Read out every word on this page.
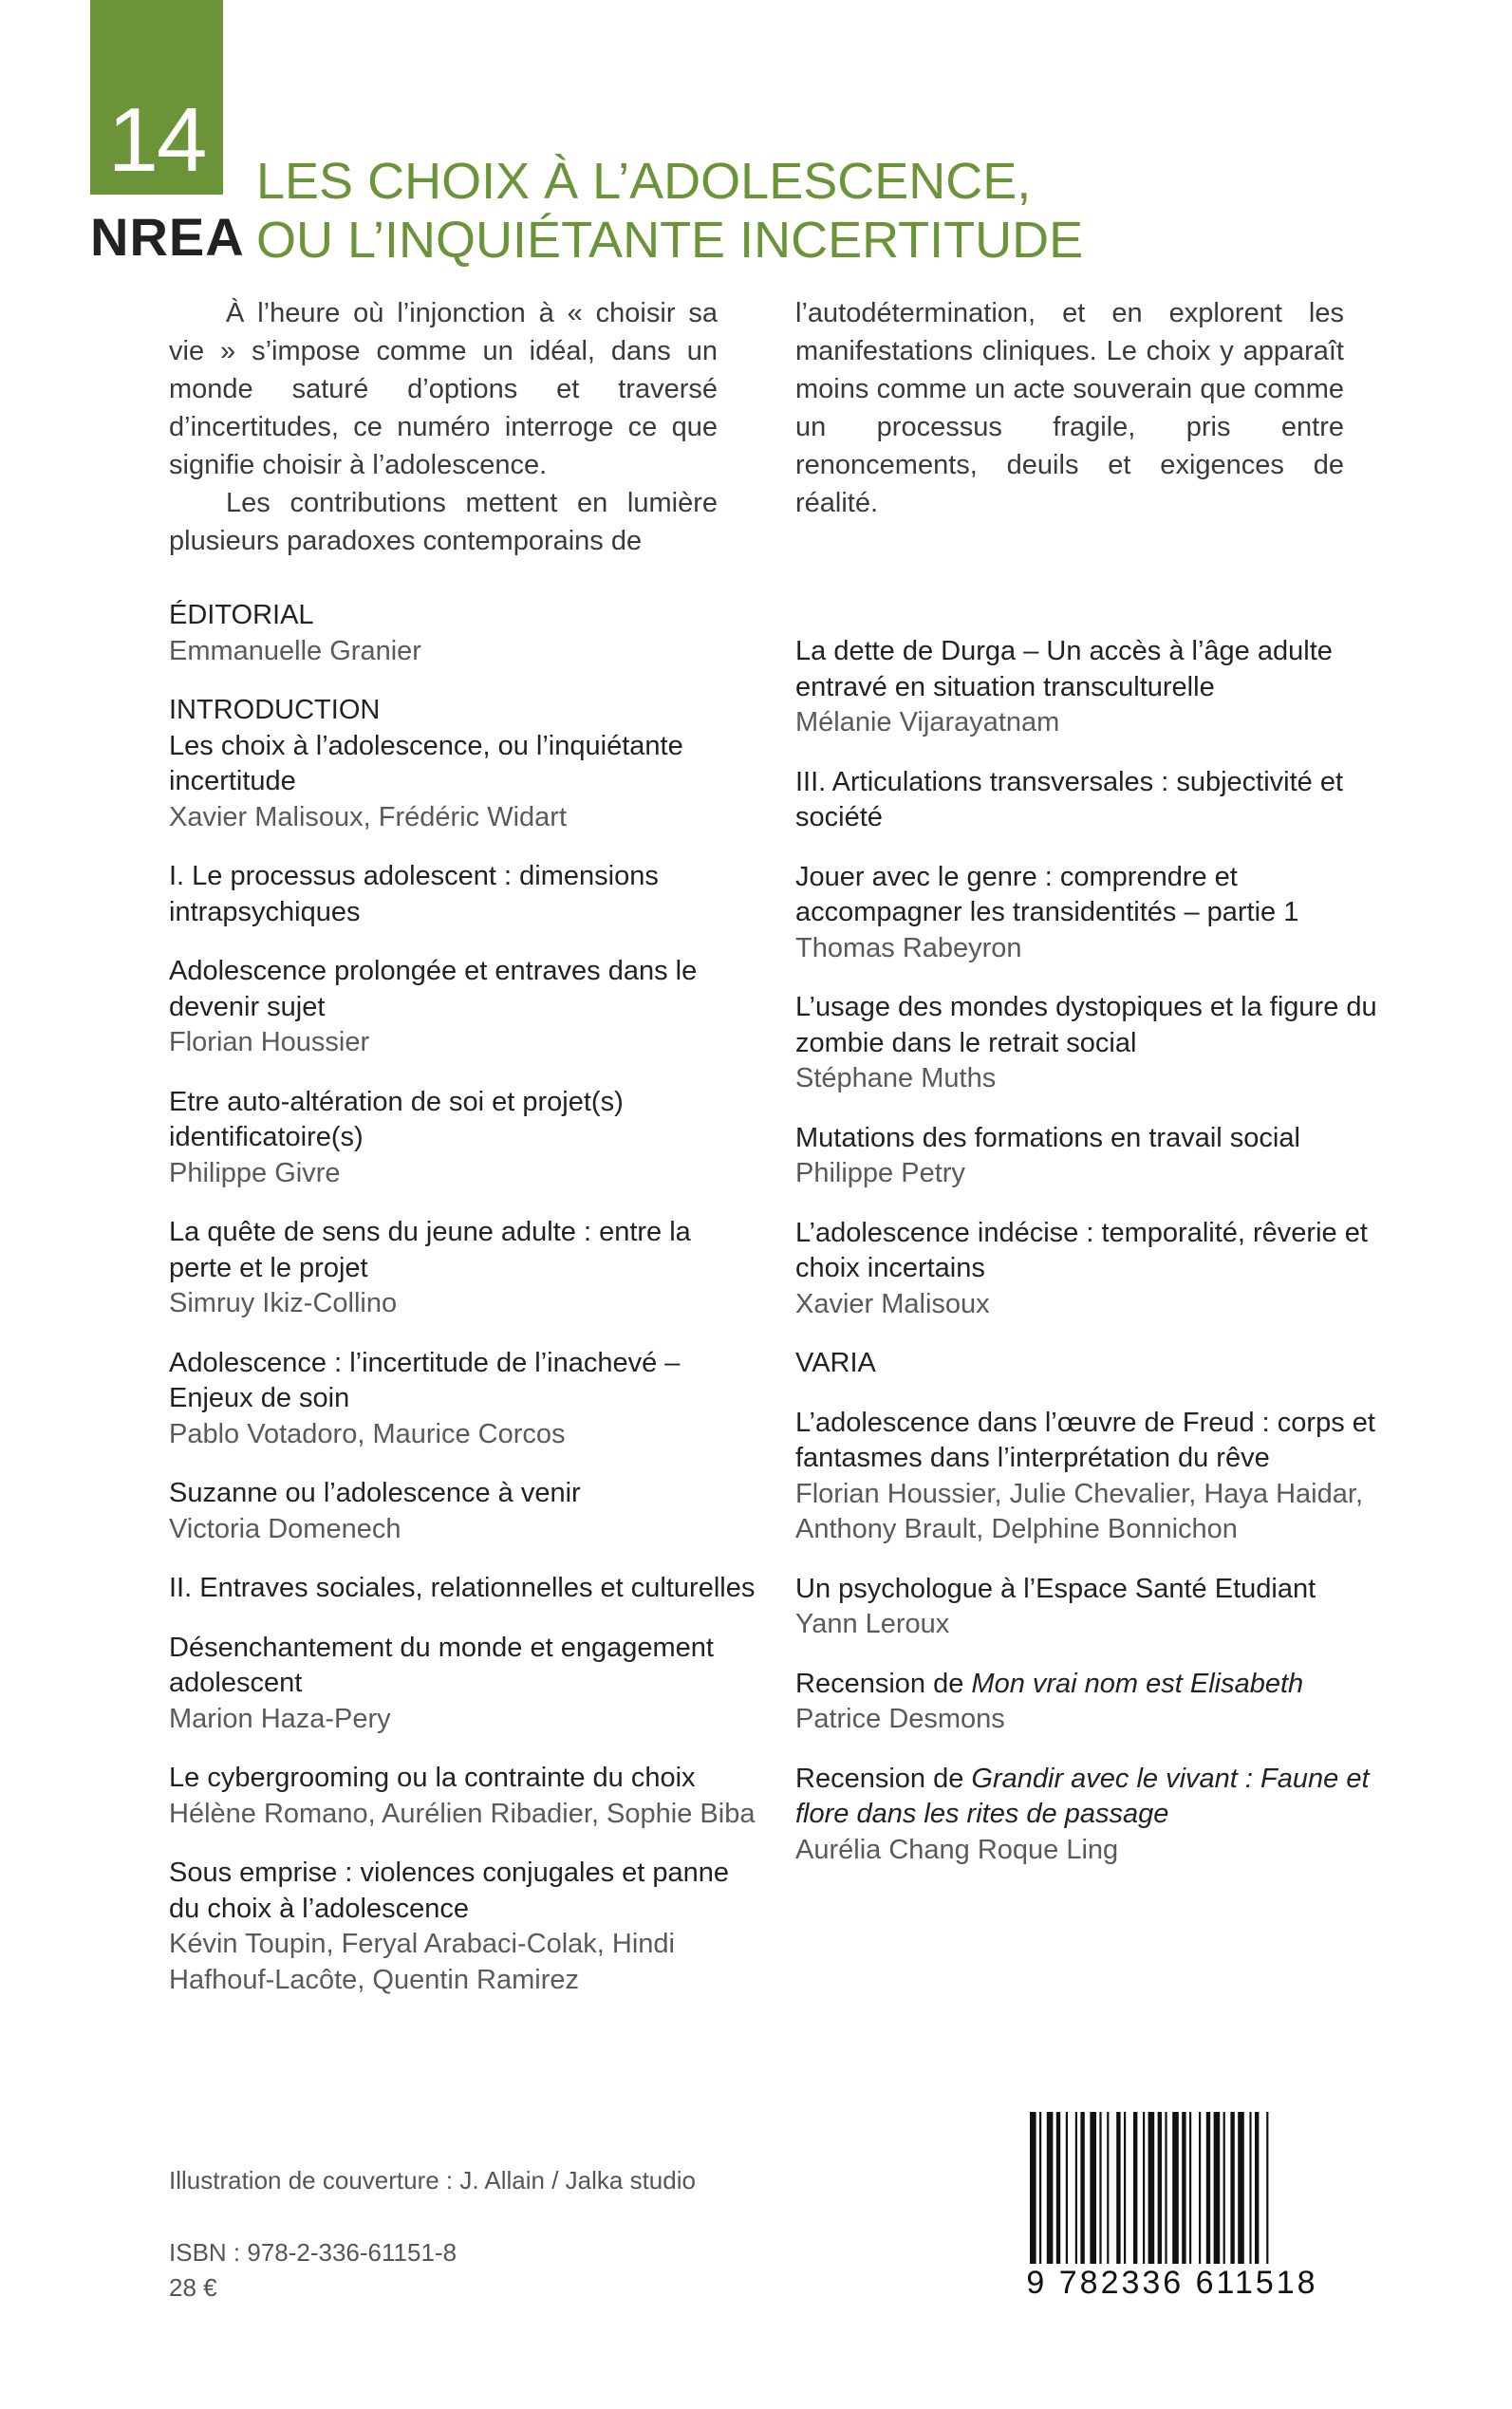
14
NREA
LES CHOIX À L’ADOLESCENCE,
OU L’INQUIÉTANTE INCERTITUDE

À l’heure où l’injonction à « choisir sa vie » s’impose comme un idéal, dans un monde saturé d’options et traversé d’incertitudes, ce numéro interroge ce que signifie choisir à l’adolescence.

Les contributions mettent en lumière plusieurs paradoxes contemporains de

l’autodétermination, et en explorent les manifestations cliniques. Le choix y apparaît moins comme un acte souverain que comme un processus fragile, pris entre renoncements, deuils et exigences de réalité.

ÉDITORIAL
Emmanuelle Granier
INTRODUCTION
Les choix à l’adolescence, ou l’inquiétante incertitude
Xavier Malisoux, Frédéric Widart
I. Le processus adolescent : dimensions intrapsychiques
Adolescence prolongée et entraves dans le devenir sujet
Florian Houssier
Etre auto-altération de soi et projet(s) identificatoire(s)
Philippe Givre
La quête de sens du jeune adulte : entre la perte et le projet
Simruy Ikiz-Collino
Adolescence : l’incertitude de l’inachevé – Enjeux de soin
Pablo Votadoro, Maurice Corcos
Suzanne ou l’adolescence à venir
Victoria Domenech
II. Entraves sociales, relationnelles et culturelles
Désenchantement du monde et engagement adolescent
Marion Haza-Pery
Le cybergrooming ou la contrainte du choix
Hélène Romano, Aurélien Ribadier, Sophie Biba
Sous emprise : violences conjugales et panne du choix à l’adolescence
Kévin Toupin, Feryal Arabaci-Colak, Hindi Hafhouf-Lacôte, Quentin Ramirez
La dette de Durga – Un accès à l’âge adulte entravé en situation transculturelle
Mélanie Vijarayatnam
III. Articulations transversales : subjectivité et société
Jouer avec le genre : comprendre et accompagner les transidentités – partie 1
Thomas Rabeyron
L’usage des mondes dystopiques et la figure du zombie dans le retrait social
Stéphane Muths
Mutations des formations en travail social
Philippe Petry
L’adolescence indécise : temporalité, rêverie et choix incertains
Xavier Malisoux
VARIA
L’adolescence dans l’œuvre de Freud : corps et fantasmes dans l’interprétation du rêve
Florian Houssier, Julie Chevalier, Haya Haidar, Anthony Brault, Delphine Bonnichon
Un psychologue à l’Espace Santé Etudiant
Yann Leroux
Recension de Mon vrai nom est Elisabeth
Patrice Desmons
Recension de Grandir avec le vivant : Faune et flore dans les rites de passage
Aurélia Chang Roque Ling
Illustration de couverture : J. Allain / Jalka studio
ISBN : 978-2-336-61151-8
28 €	9 782336 611518
